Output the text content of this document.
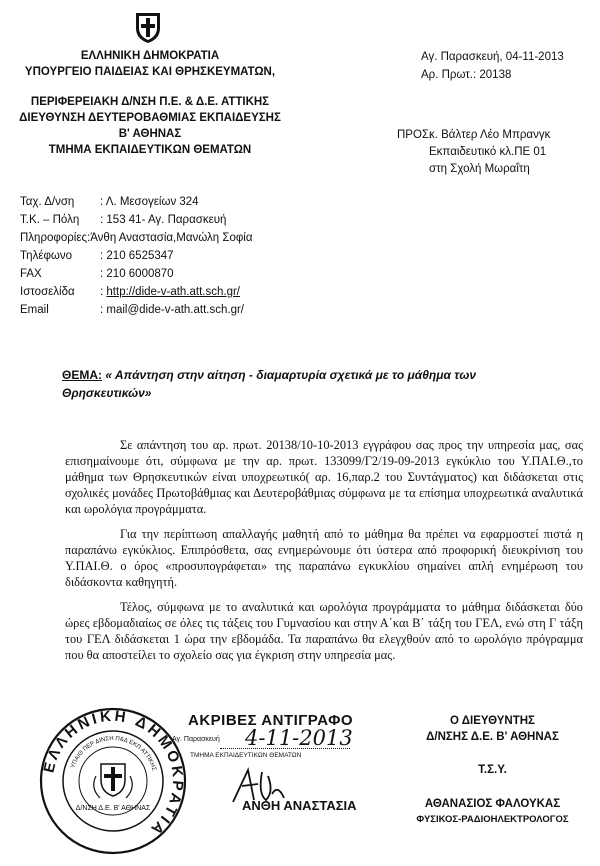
ΕΛΛΗΝΙΚΗ ΔΗΜΟΚΡΑΤΙΑ
ΥΠΟΥΡΓΕΙΟ ΠΑΙΔΕΙΑΣ ΚΑΙ ΘΡΗΣΚΕΥΜΑΤΩΝ,
ΠΕΡΙΦΕΡΕΙΑΚΗ Δ/ΝΣΗ Π.Ε. & Δ.Ε. ΑΤΤΙΚΗΣ
ΔΙΕΥΘΥΝΣΗ ΔΕΥΤΕΡΟΒΑΘΜΙΑΣ ΕΚΠΑΙΔΕΥΣΗΣ
Β' ΑΘΗΝΑΣ
ΤΜΗΜΑ ΕΚΠΑΙΔΕΥΤΙΚΩΝ ΘΕΜΑΤΩΝ
Αγ. Παρασκευή, 04-11-2013
Αρ. Πρωτ.: 20138
ΠΡΟΣ:
κ. Βάλτερ Λέο Μπρανγκ
Εκπαιδευτικό κλ.ΠΕ 01
στη Σχολή Μωραΐτη
Ταχ. Δ/νση : Λ. Μεσογείων 324
Τ.Κ. – Πόλη : 153 41- Αγ. Παρασκευή
Πληροφορίες:Άνθη Αναστασία,Μανώλη Σοφία
Τηλέφωνο : 210 6525347
FAX	: 210 6000870
Ιστοσελίδα : http://dide-v-ath.att.sch.gr/
Email	: mail@dide-v-ath.att.sch.gr/
ΘΕΜΑ: « Απάντηση στην αίτηση - διαμαρτυρία σχετικά με το μάθημα των Θρησκευτικών»

Σε απάντηση του αρ. πρωτ. 20138/10-10-2013 εγγράφου σας προς την υπηρεσία μας, σας επισημαίνουμε ότι, σύμφωνα με την αρ. πρωτ. 133099/Γ2/19-09-2013 εγκύκλιο του Υ.ΠΑΙ.Θ.,το μάθημα των Θρησκευτικών είναι υποχρεωτικό( αρ. 16,παρ.2 του Συντάγματος) και διδάσκεται στις σχολικές μονάδες Πρωτοβάθμιας και Δευτεροβάθμιας σύμφωνα με τα επίσημα υποχρεωτικά αναλυτικά και ωρολόγια προγράμματα.

Για την περίπτωση απαλλαγής μαθητή από το μάθημα θα πρέπει να εφαρμοστεί πιστά η παραπάνω εγκύκλιος. Επιπρόσθετα, σας ενημερώνουμε ότι ύστερα από προφορική διευκρίνιση του Υ.ΠΑΙ.Θ. ο όρος «προσυπογράφεται» της παραπάνω εγκυκλίου σημαίνει απλή ενημέρωση του διδάσκοντα καθηγητή.

Τέλος, σύμφωνα με το αναλυτικά και ωρολόγια προγράμματα το μάθημα διδάσκεται δύο ώρες εβδομαδιαίως σε όλες τις τάξεις του Γυμνασίου και στην Α΄και Β΄ τάξη του ΓΕΛ, ενώ στη Γ τάξη του ΓΕΛ διδάσκεται 1 ώρα την εβδομάδα. Τα παραπάνω θα ελεγχθούν από το ωρολόγιο πρόγραμμα που θα αποστείλει το σχολείο σας για έγκριση στην υπηρεσία μας.

ΕΛΛΗΝΙΚΗ ΔΗΜΟΚΡΑΤΙΑ
ΥΠΑΙΘ ΠΕΡ ΔΙΝΣΗ Π&Δ ΕΚΠ ΑΤΤΙΚΗΣ
Δ/ΝΣΗ Δ.Ε. Β' ΑΘΗΝΑΣ
ΑΚΡΙΒΕΣ ΑΝΤΙΓΡΑΦΟ
Αγ. Παρασκευή 4-11-2013
ΤΜΗΜΑ ΕΚΠΑΙΔΕΥΤΙΚΩΝ ΘΕΜΑΤΩΝ
ΑΝΘΗ ΑΝΑΣΤΑΣΙΑ
Ο ΔΙΕΥΘΥΝΤΗΣ
Δ/ΝΣΗΣ Δ.Ε. Β' ΑΘΗΝΑΣ
Τ.Σ.Υ.
ΑΘΑΝΑΣΙΟΣ ΦΑΛΟΥΚΑΣ
ΦΥΣΙΚΟΣ-ΡΑΔΙΟΗΛΕΚΤΡΟΛΟΓΟΣ
